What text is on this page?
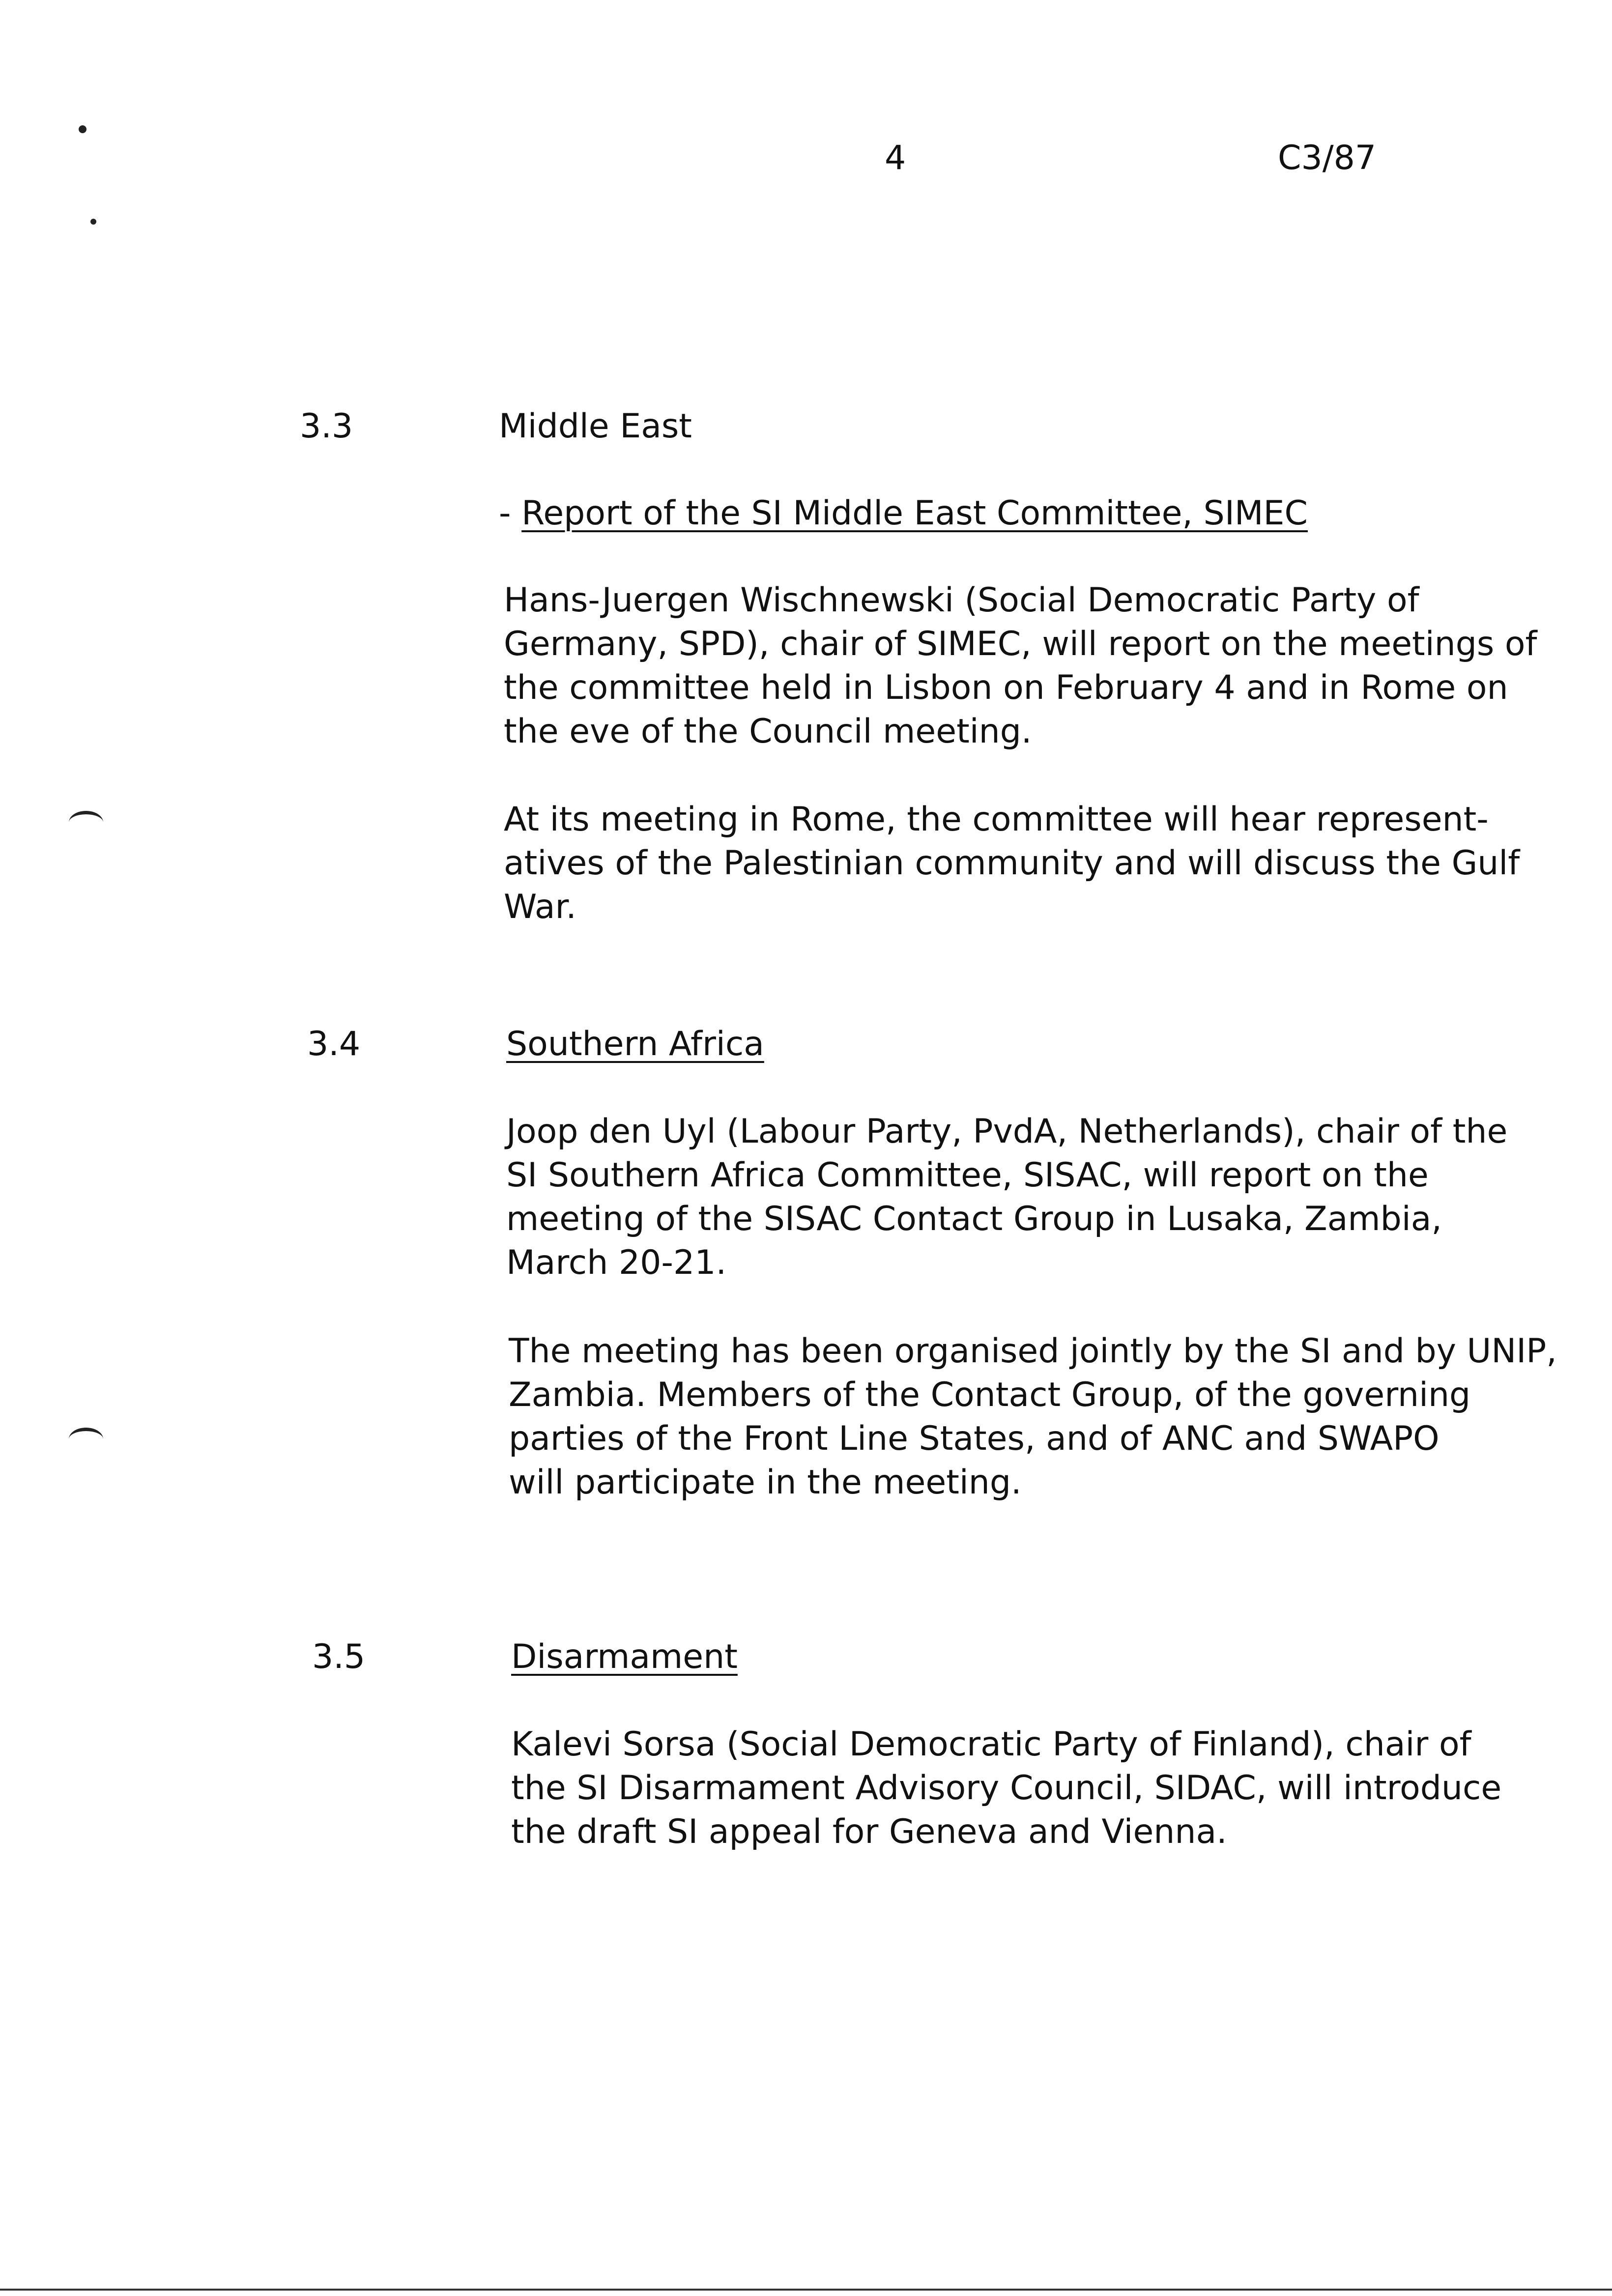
4	C3/87
3.3	Middle East
- Report of the SI Middle East Committee, SIMEC

Hans-Juergen Wischnewski (Social Democratic Party of
Germany, SPD), chair of SIMEC, will report on the meetings of
the committee held in Lisbon on February 4 and in Rome on
the eve of the Council meeting.

At its meeting in Rome, the committee will hear represent-
atives of the Palestinian community and will discuss the Gulf
War.

3.4	Southern Africa

Joop den Uyl (Labour Party, PvdA, Netherlands), chair of the
SI Southern Africa Committee, SISAC, will report on the
meeting of the SISAC Contact Group in Lusaka, Zambia,
March 20-21.

The meeting has been organised jointly by the SI and by UNIP,
Zambia. Members of the Contact Group, of the governing
parties of the Front Line States, and of ANC and SWAPO
will participate in the meeting.

3.5	Disarmament

Kalevi Sorsa (Social Democratic Party of Finland), chair of
the SI Disarmament Advisory Council, SIDAC, will introduce
the draft SI appeal for Geneva and Vienna.
